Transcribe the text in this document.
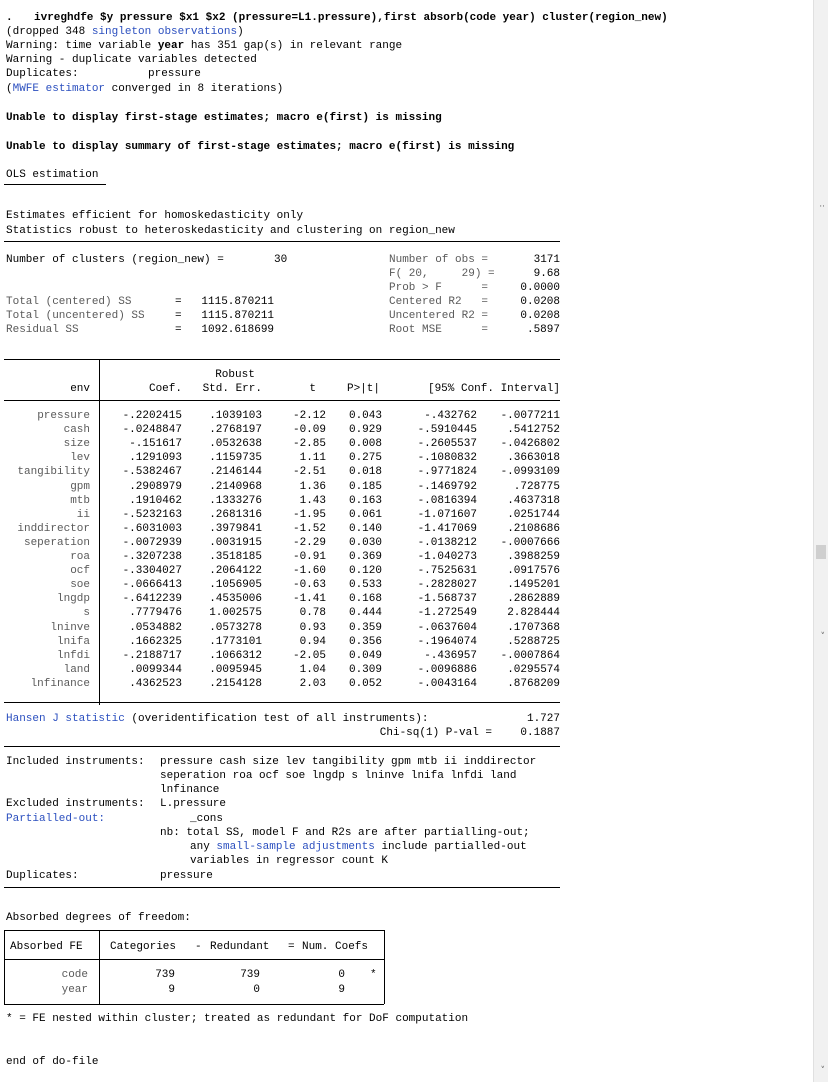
. ivreghdfe $y pressure $x1 $x2 (pressure=L1.pressure),first absorb(code year) cluster(region_new)
(dropped 348 singleton observations)
Warning: time variable year has 351 gap(s) in relevant range
Warning - duplicate variables detected
Duplicates:	pressure
(MWFE estimator converged in 8 iterations)
Unable to display first-stage estimates; macro e(first) is missing
Unable to display summary of first-stage estimates; macro e(first) is missing
OLS estimation
Estimates efficient for homoskedasticity only
Statistics robust to heteroskedasticity and clustering on region_new
Number of clusters (region_new) =	30	Number of obs =	3171
F( 20,     29) =	9.68
Prob > F      =	0.0000
Centered R2   =	0.0208
Uncentered R2 =	0.0208
Root MSE      =	.5897
Total (centered) SS	=   1115.870211
Total (uncentered) SS	=   1115.870211
Residual SS	=   1092.618699
Robust
env	Coef.	Std. Err.	t	P>|t|	[95% Conf. Interval]
pressure	-.2202415	.1039103	-2.12	0.043	-.432762	-.0077211
cash	-.0248847	.2768197	-0.09	0.929	-.5910445	.5412752
size	-.151617	.0532638	-2.85	0.008	-.2605537	-.0426802
lev	.1291093	.1159735	1.11	0.275	-.1080832	.3663018
tangibility	-.5382467	.2146144	-2.51	0.018	-.9771824	-.0993109
gpm	.2908979	.2140968	1.36	0.185	-.1469792	.728775
mtb	.1910462	.1333276	1.43	0.163	-.0816394	.4637318
ii	-.5232163	.2681316	-1.95	0.061	-1.071607	.0251744
inddirector	-.6031003	.3979841	-1.52	0.140	-1.417069	.2108686
seperation	-.0072939	.0031915	-2.29	0.030	-.0138212	-.0007666
roa	-.3207238	.3518185	-0.91	0.369	-1.040273	.3988259
ocf	-.3304027	.2064122	-1.60	0.120	-.7525631	.0917576
soe	-.0666413	.1056905	-0.63	0.533	-.2828027	.1495201
lngdp	-.6412239	.4535006	-1.41	0.168	-1.568737	.2862889
s	.7779476	1.002575	0.78	0.444	-1.272549	2.828444
lninve	.0534882	.0573278	0.93	0.359	-.0637604	.1707368
lnifa	.1662325	.1773101	0.94	0.356	-.1964074	.5288725
lnfdi	-.2188717	.1066312	-2.05	0.049	-.436957	-.0007864
land	.0099344	.0095945	1.04	0.309	-.0096886	.0295574
lnfinance	.4362523	.2154128	2.03	0.052	-.0043164	.8768209
Hansen J statistic (overidentification test of all instruments):	1.727
Chi-sq(1) P-val =	0.1887
Included instruments: pressure cash size lev tangibility gpm mtb ii inddirector
seperation roa ocf soe lngdp s lninve lnifa lnfdi land
lnfinance
Excluded instruments: L.pressure
Partialled-out:	_cons
nb: total SS, model F and R2s are after partialling-out;
any small-sample adjustments include partialled-out
variables in regressor count K
Duplicates:	pressure
Absorbed degrees of freedom:
Absorbed FE Categories - Redundant = Num. Coefs
code	739	739	0 *
year	9	0	9
* = FE nested within cluster; treated as redundant for DoF computation
end of do-file
··
˅
˅
